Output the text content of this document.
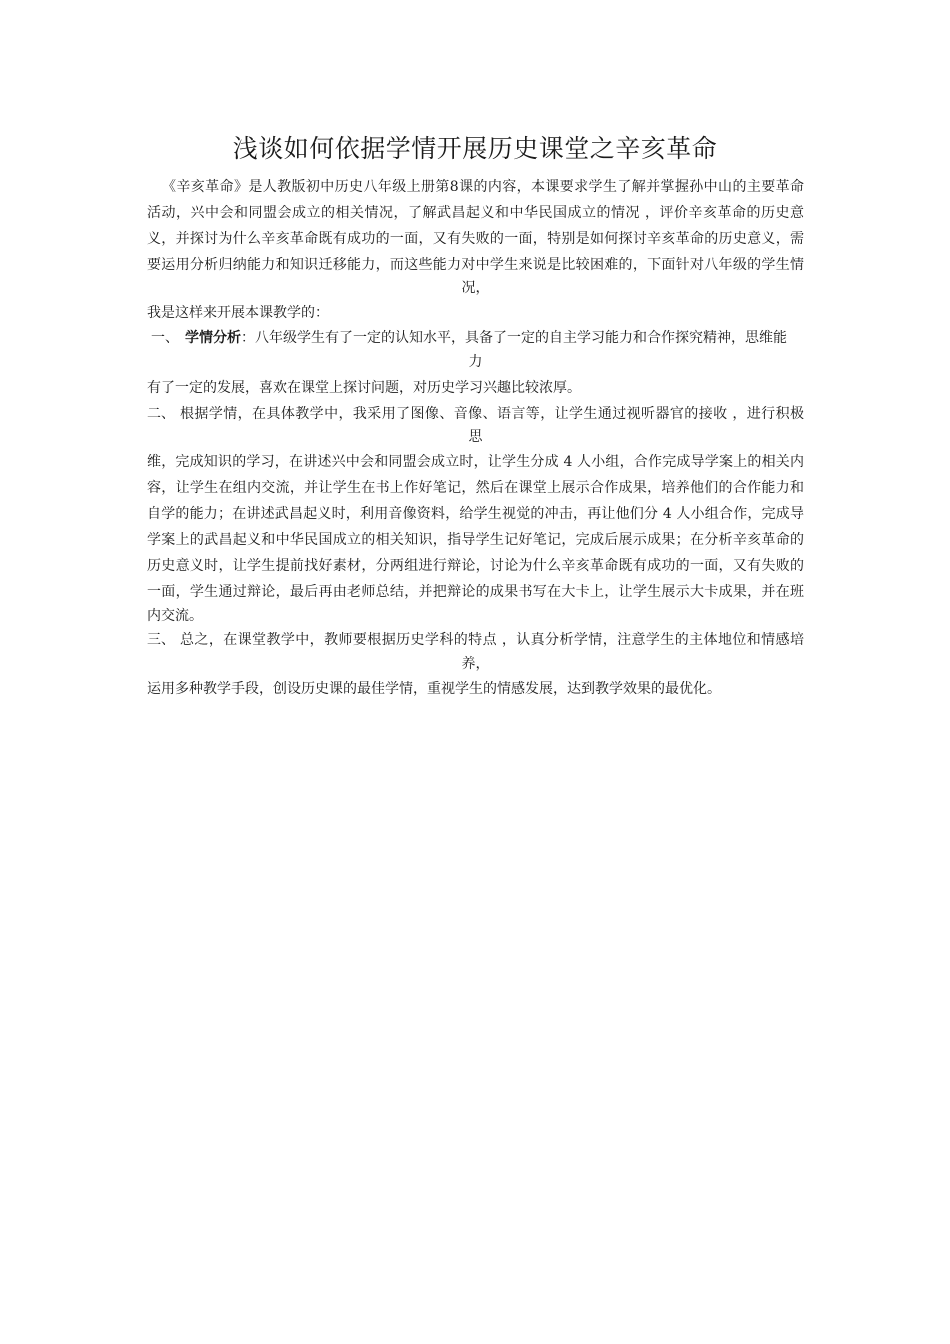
浅谈如何依据学情开展历史课堂之辛亥革命

《辛亥革命》是人教版初中历史八年级上册第8课的内容，本课要求学生了解并掌握孙中山的主要革命

活动，兴中会和同盟会成立的相关情况，了解武昌起义和中华民国成立的情况 ，评价辛亥革命的历史意

义，并探讨为什么辛亥革命既有成功的一面，又有失败的一面，特别是如何探讨辛亥革命的历史意义，需

要运用分析归纳能力和知识迁移能力，而这些能力对中学生来说是比较困难的，下面针对八年级的学生情

况，

我是这样来开展本课教学的：

一、 学情分析：八年级学生有了一定的认知水平，具备了一定的自主学习能力和合作探究精神，思维能

力

有了一定的发展，喜欢在课堂上探讨问题，对历史学习兴趣比较浓厚。

二、 根据学情，在具体教学中，我采用了图像、音像、语言等，让学生通过视听器官的接收 ，进行积极

思

维，完成知识的学习，在讲述兴中会和同盟会成立时，让学生分成 4 人小组，合作完成导学案上的相关内

容，让学生在组内交流，并让学生在书上作好笔记，然后在课堂上展示合作成果，培养他们的合作能力和

自学的能力；在讲述武昌起义时，利用音像资料，给学生视觉的冲击，再让他们分 4 人小组合作，完成导

学案上的武昌起义和中华民国成立的相关知识，指导学生记好笔记，完成后展示成果；在分析辛亥革命的

历史意义时，让学生提前找好素材，分两组进行辩论，讨论为什么辛亥革命既有成功的一面，又有失败的

一面，学生通过辩论，最后再由老师总结，并把辩论的成果书写在大卡上，让学生展示大卡成果，并在班

内交流。

三、 总之，在课堂教学中，教师要根据历史学科的特点 ，认真分析学情，注意学生的主体地位和情感培

养，

运用多种教学手段，创设历史课的最佳学情，重视学生的情感发展，达到教学效果的最优化。
